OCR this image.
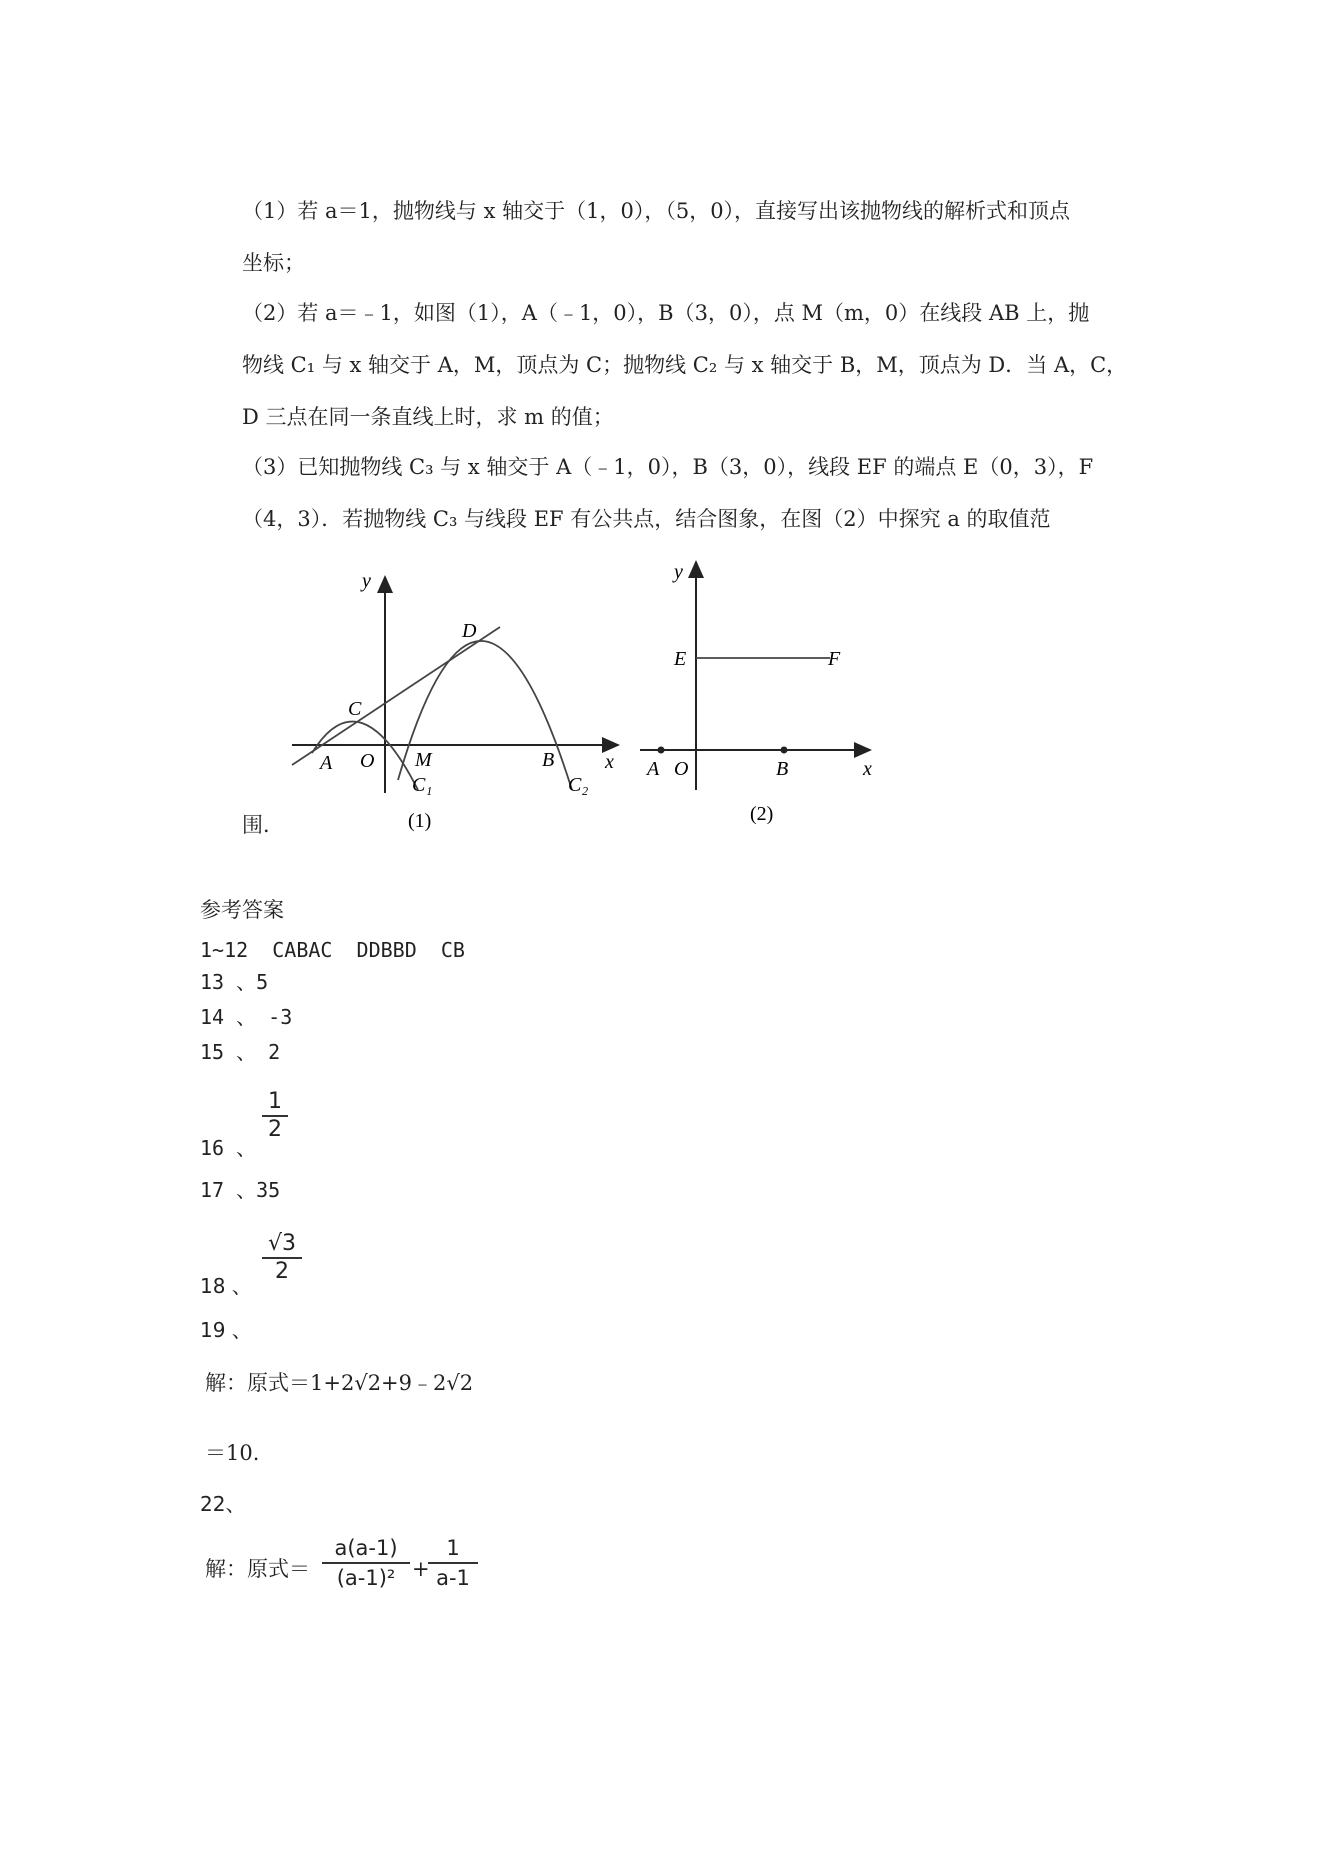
（1）若 a＝1，抛物线与 x 轴交于（1，0），（5，0），直接写出该抛物线的解析式和顶点
坐标；
（2）若 a＝﹣1，如图（1），A（﹣1，0），B（3，0），点 M（m，0）在线段 AB 上，抛
物线 C₁ 与 x 轴交于 A，M，顶点为 C；抛物线 C₂ 与 x 轴交于 B，M，顶点为 D．当 A，C，
D 三点在同一条直线上时，求 m 的值；
（3）已知抛物线 C₃ 与 x 轴交于 A（﹣1，0），B（3，0），线段 EF 的端点 E（0，3），F
（4，3）．若抛物线 C₃ 与线段 EF 有公共点，结合图象，在图（2）中探究 a 的取值范
围．
y
x
O
A	M	B
C
D
C₁	C₂
(1)
y
x
O
A	B
E	F
(2)
参考答案
1~12  CABAC  DDBBD  CB
13 、5
14 、 -3
15 、 2
16 、
1
2
17 、35
18 、
√3
2
19 、
解：原式＝1+2√2+9﹣2√2
＝10.
22、
解：原式＝
a(a-1)
(a-1)² +
1
a-1
